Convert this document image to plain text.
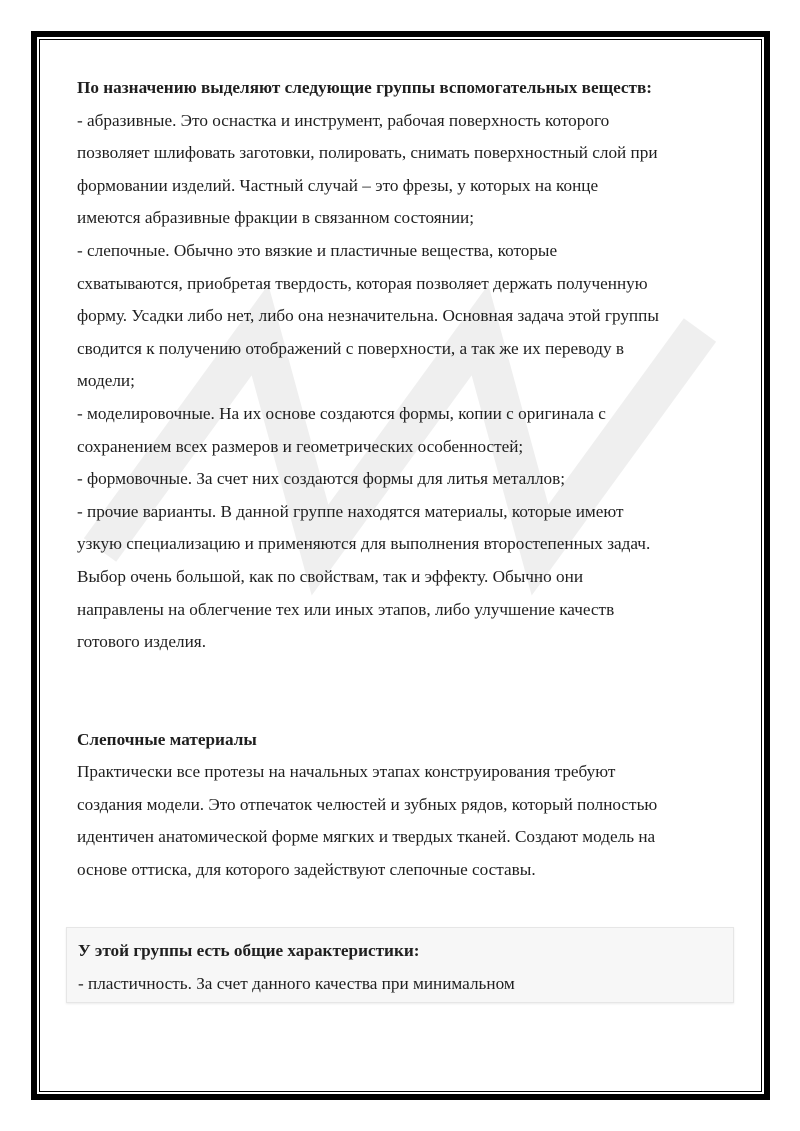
По назначению выделяют следующие группы вспомогательных веществ:

- абразивные. Это оснастка и инструмент, рабочая поверхность которого

позволяет шлифовать заготовки, полировать, снимать поверхностный слой при

формовании изделий. Частный случай – это фрезы, у которых на конце

имеются абразивные фракции в связанном состоянии;

- слепочные. Обычно это вязкие и пластичные вещества, которые

схватываются, приобретая твердость, которая позволяет держать полученную

форму. Усадки либо нет, либо она незначительна. Основная задача этой группы

сводится к получению отображений с поверхности, а так же их переводу в

модели;

- моделировочные. На их основе создаются формы, копии с оригинала с

сохранением всех размеров и геометрических особенностей;

- формовочные. За счет них создаются формы для литья металлов;

- прочие варианты. В данной группе находятся материалы, которые имеют

узкую специализацию и применяются для выполнения второстепенных задач.

Выбор очень большой, как по свойствам, так и эффекту. Обычно они

направлены на облегчение тех или иных этапов, либо улучшение качеств

готового изделия.

Слепочные материалы

Практически все протезы на начальных этапах конструирования требуют

создания модели. Это отпечаток челюстей и зубных рядов, который полностью

идентичен анатомической форме мягких и твердых тканей. Создают модель на

основе оттиска, для которого задействуют слепочные составы.

У этой группы есть общие характеристики:

- пластичность. За счет данного качества при минимальном
